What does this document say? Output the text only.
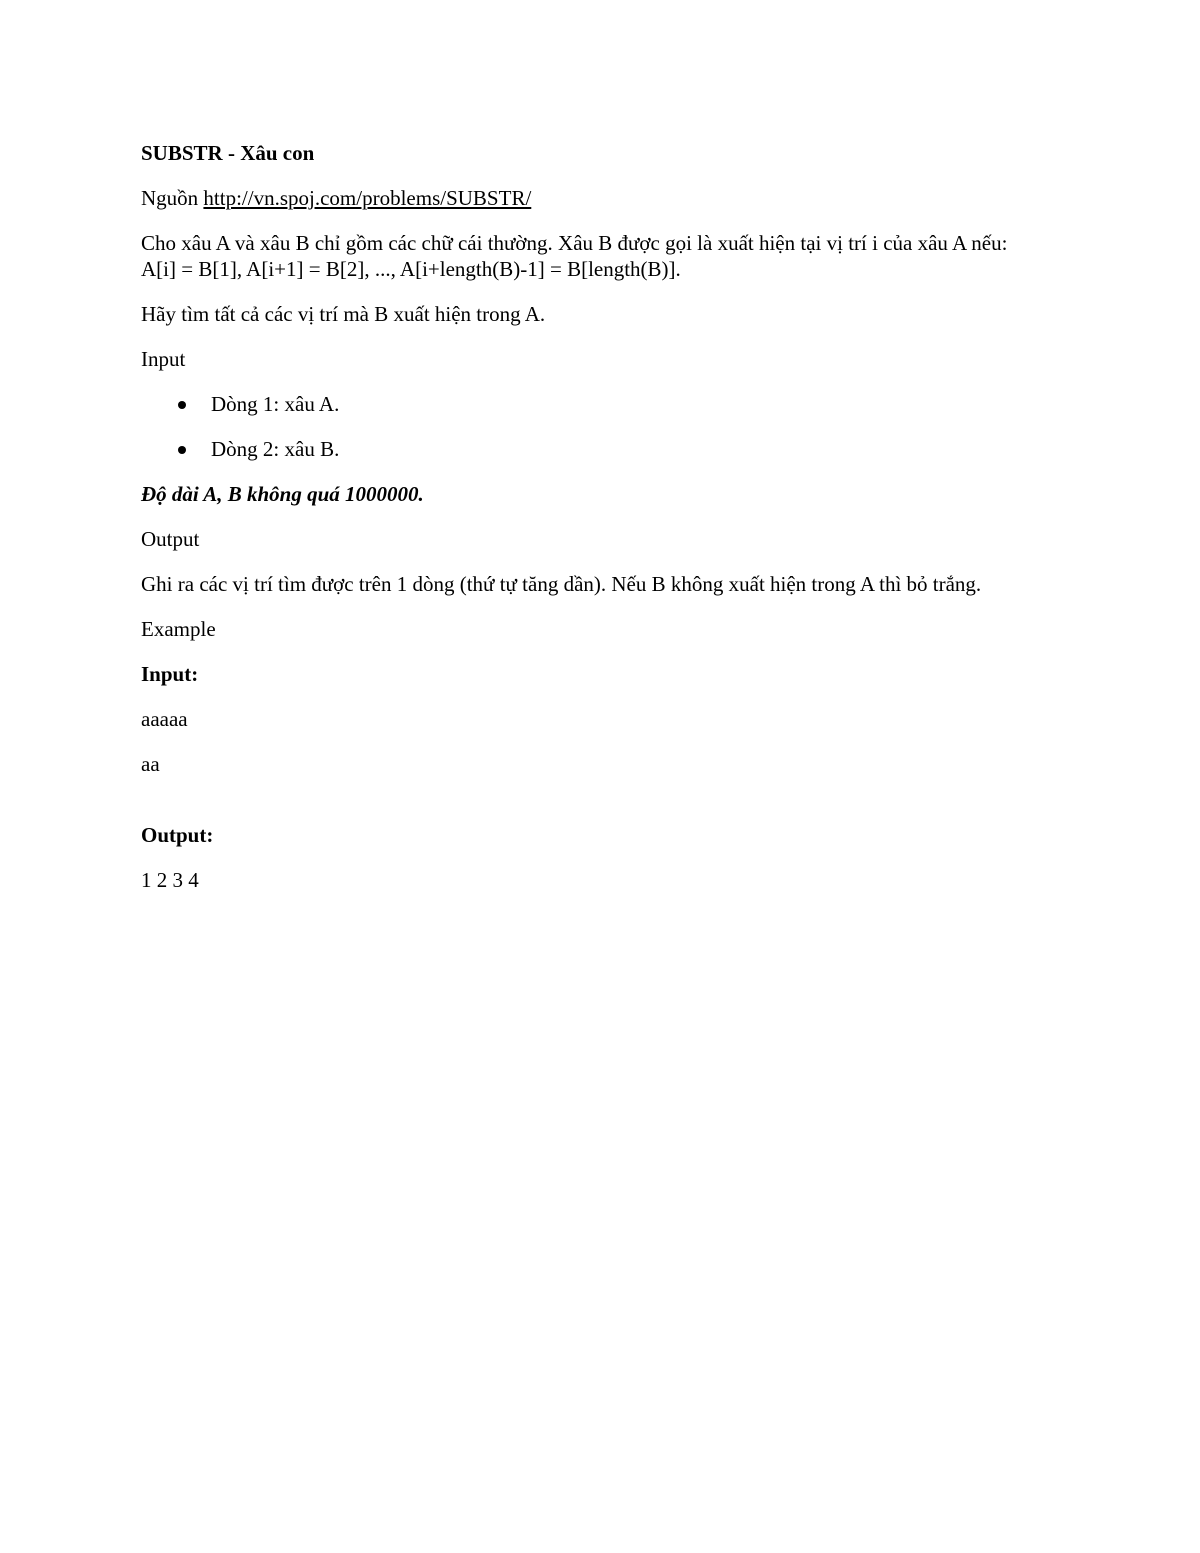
SUBSTR - Xâu con

Nguồn http://vn.spoj.com/problems/SUBSTR/

Cho xâu A và xâu B chỉ gồm các chữ cái thường. Xâu B được gọi là xuất hiện tại vị trí i của xâu A nếu:
A[i] = B[1], A[i+1] = B[2], ..., A[i+length(B)-1] = B[length(B)].

Hãy tìm tất cả các vị trí mà B xuất hiện trong A.

Input

Dòng 1: xâu A.
Dòng 2: xâu B.

Độ dài A, B không quá 1000000.

Output

Ghi ra các vị trí tìm được trên 1 dòng (thứ tự tăng dần). Nếu B không xuất hiện trong A thì bỏ trắng.

Example

Input:

aaaaa

aa

Output:

1 2 3 4
